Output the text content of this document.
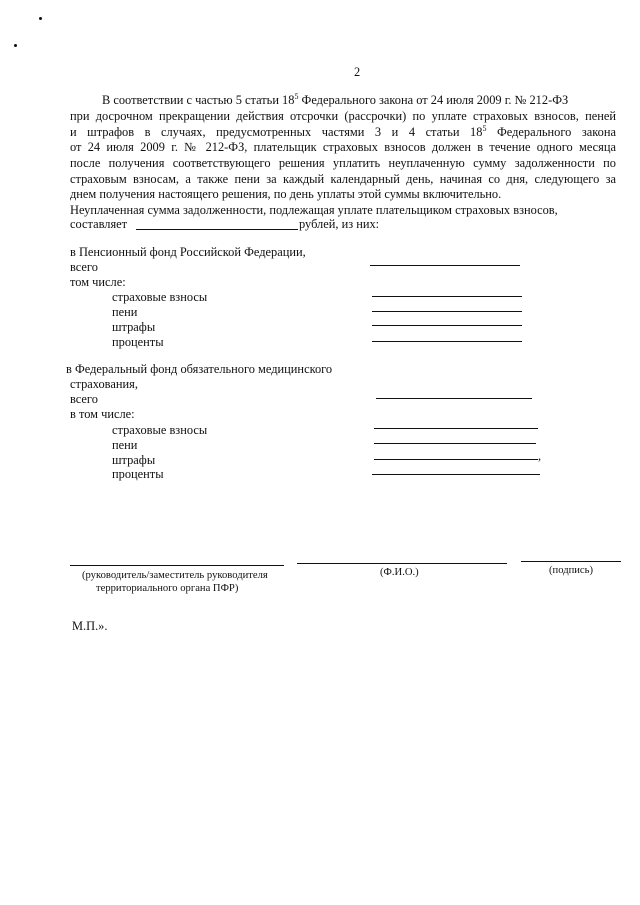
2
В соответствии с частью 5 статьи $18^5$ Федерального закона от 24 июля 2009 г. № 212-ФЗ
при досрочном прекращении действия отсрочки (рассрочки) по уплате страховых взносов, пеней
и штрафов в случаях, предусмотренных частями 3 и 4 статьи $18^5$ Федерального закона
от 24 июля 2009 г. № 212-ФЗ, плательщик страховых взносов должен в течение одного месяца
после получения соответствующего решения уплатить неуплаченную сумму задолженности по
страховым взносам, а также пени за каждый календарный день, начиная со дня, следующего за
днем получения настоящего решения, по день уплаты этой суммы включительно.
Неуплаченная сумма задолженности, подлежащая уплате плательщиком страховых взносов,
составляет	рублей, из них:
в Пенсионный фонд Российской Федерации,
всего
том числе:
страховые взносы
пени
штрафы
проценты
в Федеральный фонд обязательного медицинского
страхования,
всего
в том числе:
страховые взносы
пени
штрафы	,
проценты
(руководитель/заместитель руководителя
территориального органа ПФР)
(Ф.И.О.)	(подпись)
М.П.».
